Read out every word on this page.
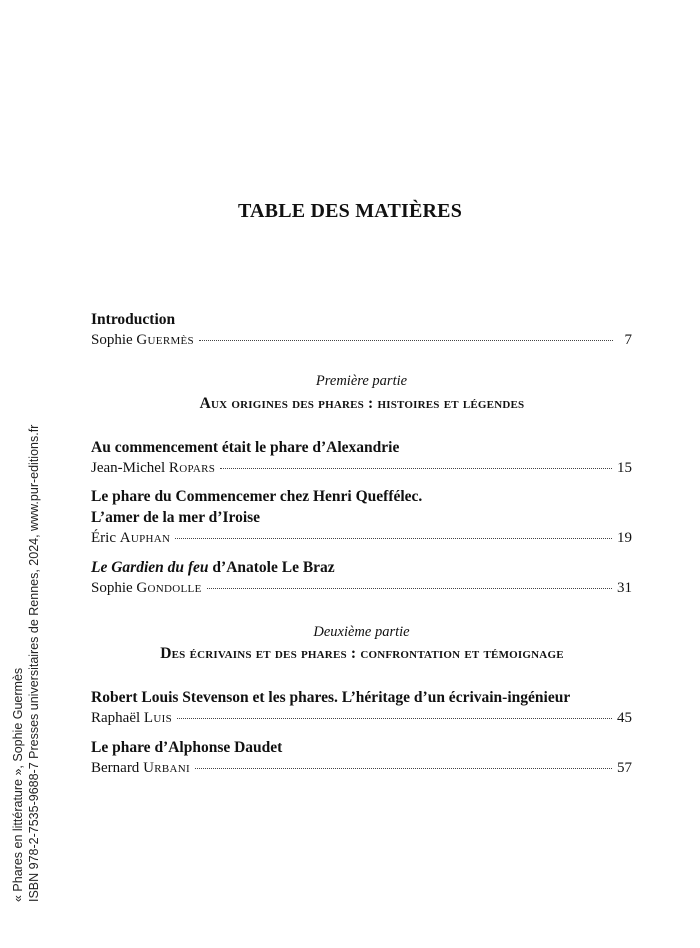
TABLE DES MATIÈRES
Introduction
Sophie Guermès	7
Première partie
Aux origines des phares : histoires et légendes
Au commencement était le phare d’Alexandrie
Jean-Michel Ropars	15
Le phare du Commencemer chez Henri Queffélec.
L’amer de la mer d’Iroise
Éric Auphan	19
Le Gardien du feu d’Anatole Le Braz
Sophie Gondolle	31
Deuxième partie
Des écrivains et des phares : confrontation et témoignage
Robert Louis Stevenson et les phares. L’héritage d’un écrivain-ingénieur
Raphaël Luis	45
Le phare d’Alphonse Daudet
Bernard Urbani	57
« Phares en littérature », Sophie Guermès ISBN 978-2-7535-9688-7 Presses universitaires de Rennes, 2024, www.pur-editions.fr
